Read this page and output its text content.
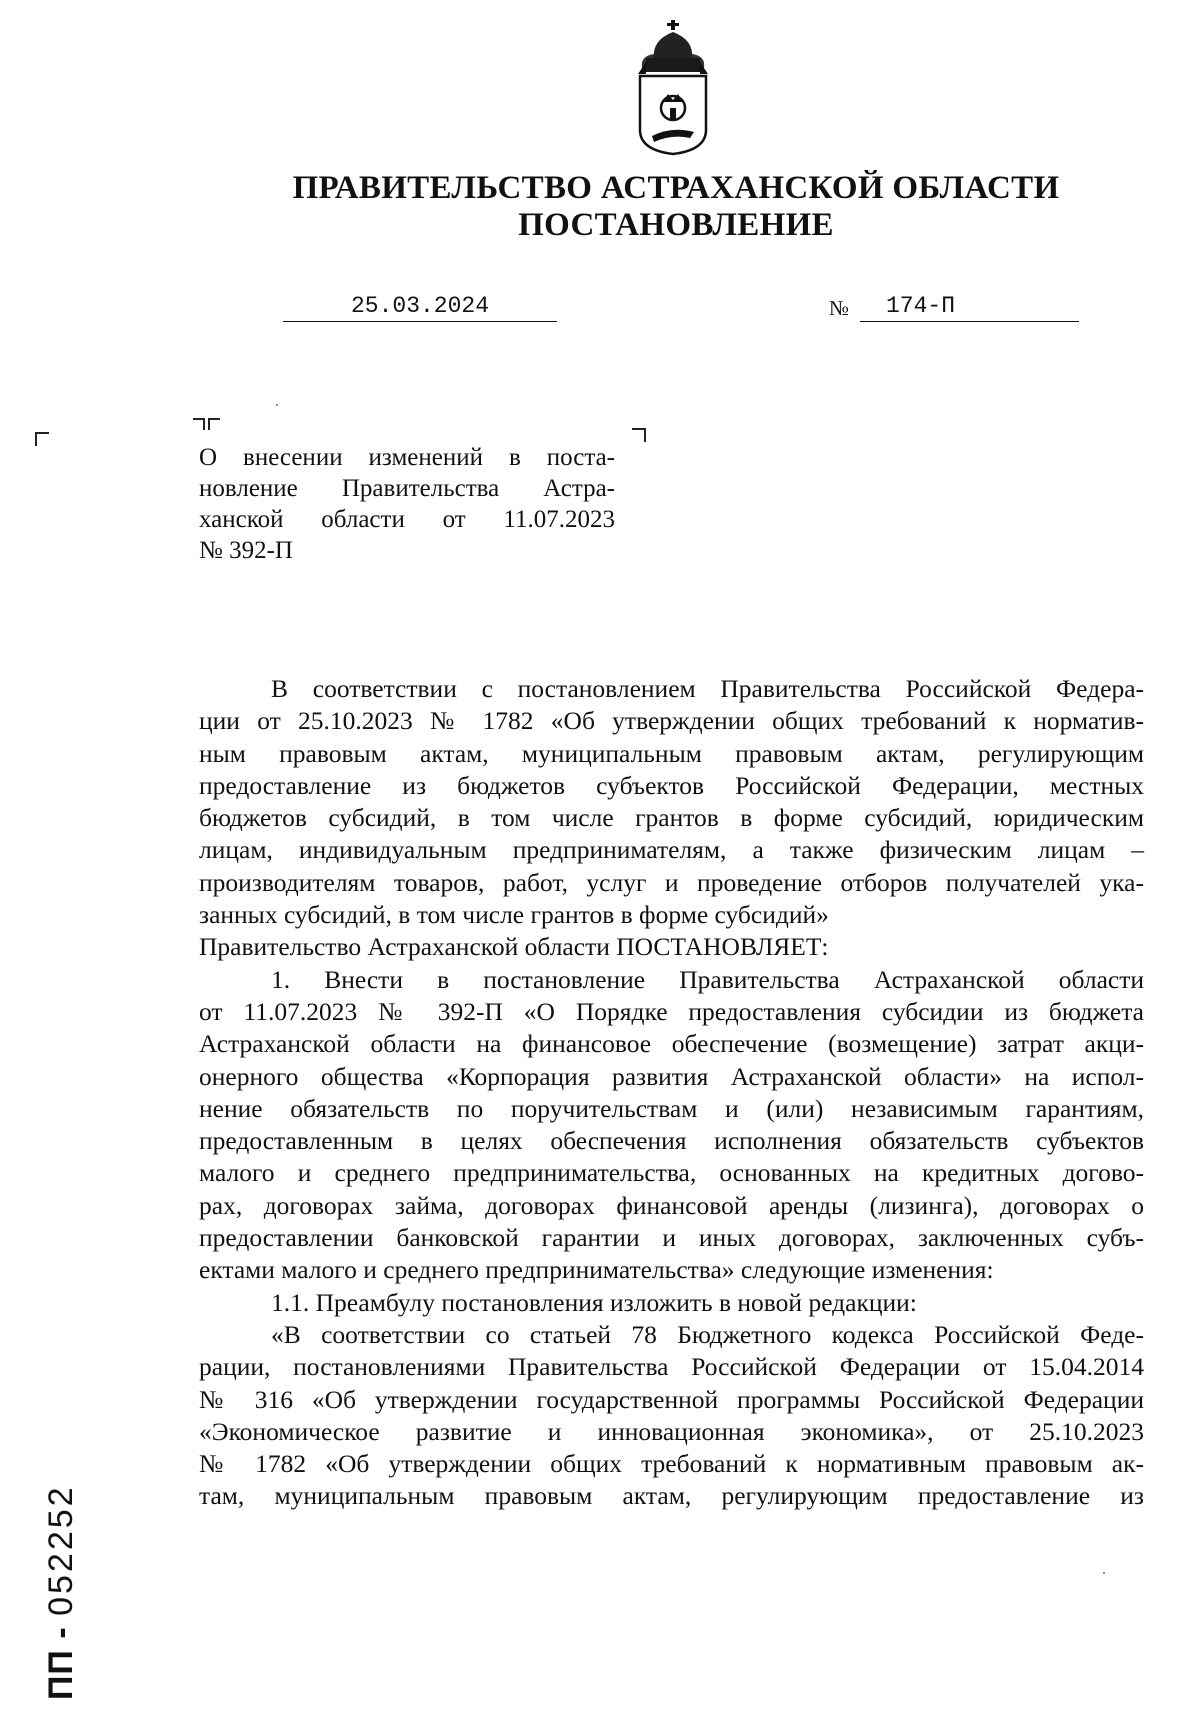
ПРАВИТЕЛЬСТВО АСТРАХАНСКОЙ ОБЛАСТИ
ПОСТАНОВЛЕНИЕ
25.03.2024	№	174-П
О внесении изменений в поста-
новление Правительства Астра-
ханской области от 11.07.2023
№ 392-П
В соответствии с постановлением Правительства Российской Федера-
ции от 25.10.2023 № 1782 «Об утверждении общих требований к норматив-
ным правовым актам, муниципальным правовым актам, регулирующим
предоставление из бюджетов субъектов Российской Федерации, местных
бюджетов субсидий, в том числе грантов в форме субсидий, юридическим
лицам, индивидуальным предпринимателям, а также физическим лицам –
производителям товаров, работ, услуг и проведение отборов получателей ука-
занных субсидий, в том числе грантов в форме субсидий»
Правительство Астраханской области ПОСТАНОВЛЯЕТ:
1. Внести в постановление Правительства Астраханской области
от 11.07.2023 № 392-П «О Порядке предоставления субсидии из бюджета
Астраханской области на финансовое обеспечение (возмещение) затрат акци-
онерного общества «Корпорация развития Астраханской области» на испол-
нение обязательств по поручительствам и (или) независимым гарантиям,
предоставленным в целях обеспечения исполнения обязательств субъектов
малого и среднего предпринимательства, основанных на кредитных догово-
рах, договорах займа, договорах финансовой аренды (лизинга), договорах о
предоставлении банковской гарантии и иных договорах, заключенных субъ-
ектами малого и среднего предпринимательства» следующие изменения:
1.1. Преамбулу постановления изложить в новой редакции:
«В соответствии со статьей 78 Бюджетного кодекса Российской Феде-
рации, постановлениями Правительства Российской Федерации от 15.04.2014
№ 316 «Об утверждении государственной программы Российской Федерации
«Экономическое развитие и инновационная экономика», от 25.10.2023
№ 1782 «Об утверждении общих требований к нормативным правовым ак-
там, муниципальным правовым актам, регулирующим предоставление из
ПП - 052252
